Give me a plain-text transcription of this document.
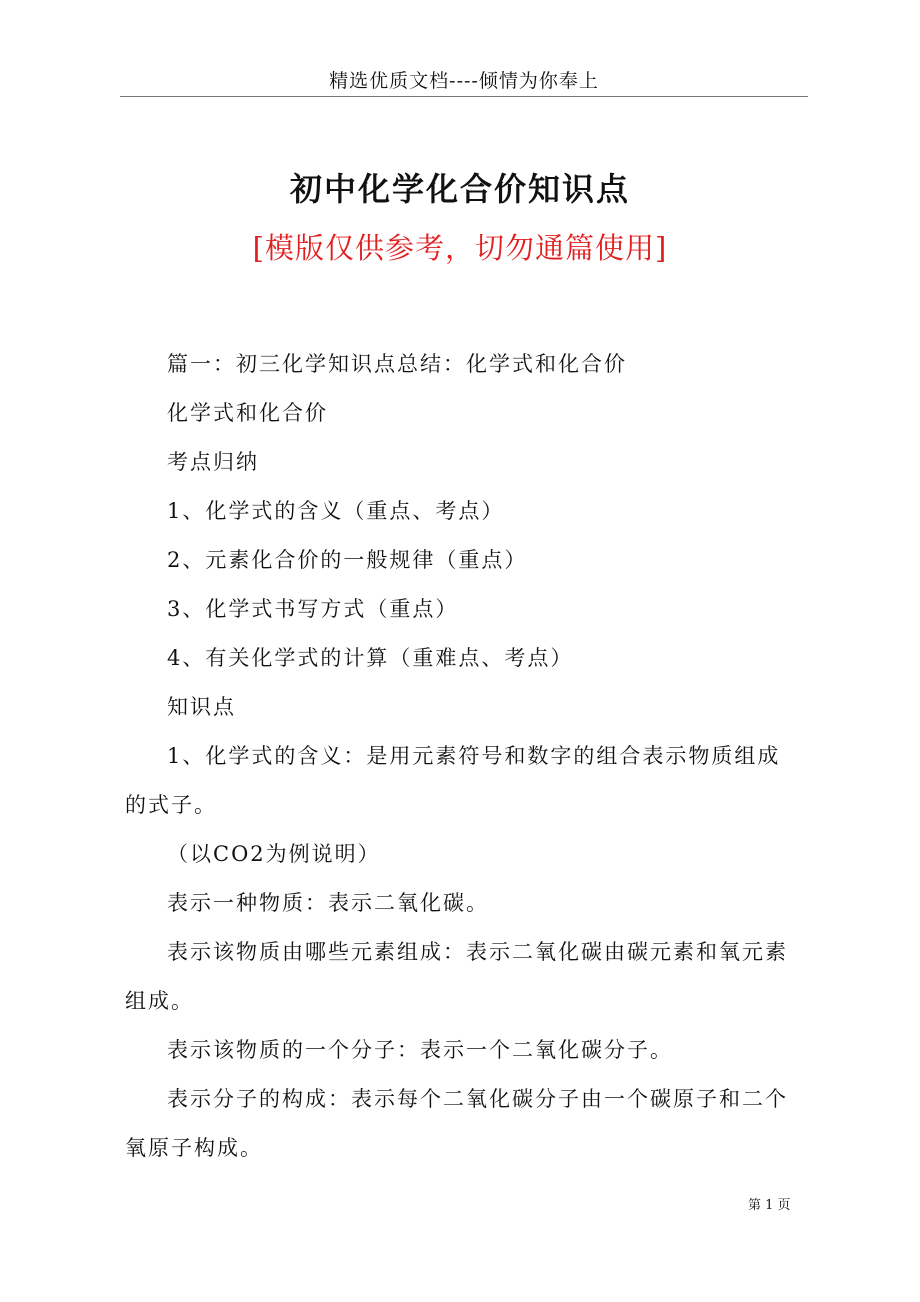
精选优质文档----倾情为你奉上
初中化学化合价知识点
[模版仅供参考，切勿通篇使用]

篇一：初三化学知识点总结：化学式和化合价

化学式和化合价

考点归纳

1、化学式的含义（重点、考点）

2、元素化合价的一般规律（重点）

3、化学式书写方式（重点）

4、有关化学式的计算（重难点、考点）

知识点

1、化学式的含义：是用元素符号和数字的组合表示物质组成的式子。

（以CO2为例说明）

表示一种物质：表示二氧化碳。

表示该物质由哪些元素组成：表示二氧化碳由碳元素和氧元素组成。

表示该物质的一个分子：表示一个二氧化碳分子。

表示分子的构成：表示每个二氧化碳分子由一个碳原子和二个氧原子构成。

第 1 页
